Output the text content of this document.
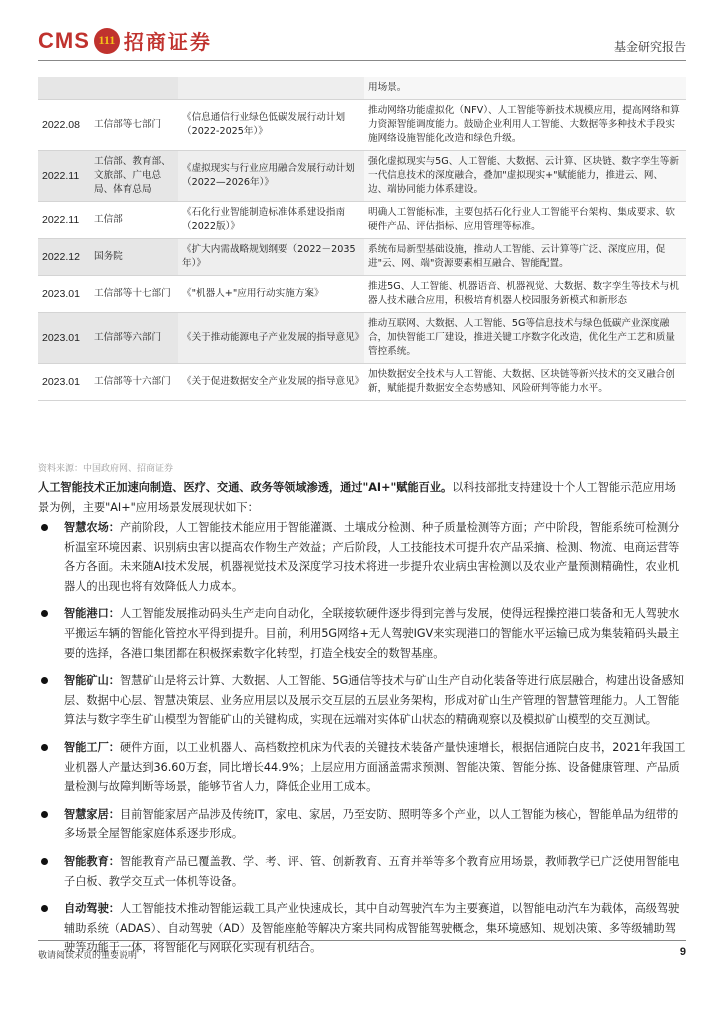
CMS 111 招商证券	基金研究报告
			用场景。
2022.08	工信部等七部门	《信息通信行业绿色低碳发展行动计划（2022-2025年）》	推动网络功能虚拟化（NFV）、人工智能等新技术规模应用，提高网络和算力资源智能调度能力。鼓励企业利用人工智能、大数据等多种技术手段实施网络设施智能化改造和绿色升级。
2022.11	工信部、教育部、文旅部、广电总局、体育总局	《虚拟现实与行业应用融合发展行动计划（2022—2026年）》	强化虚拟现实与5G、人工智能、大数据、云计算、区块链、数字孪生等新一代信息技术的深度融合，叠加"虚拟现实+"赋能能力，推进云、网、边、端协同能力体系建设。
2022.11	工信部	《石化行业智能制造标准体系建设指南（2022版）》	明确人工智能标准，主要包括石化行业人工智能平台架构、集成要求、软硬件产品、评估指标、应用管理等标准。
2022.12	国务院	《扩大内需战略规划纲要（2022－2035年）》	系统布局新型基础设施，推动人工智能、云计算等广泛、深度应用，促进"云、网、端"资源要素相互融合、智能配置。
2023.01	工信部等十七部门	《"机器人+"应用行动实施方案》	推进5G、人工智能、机器语音、机器视觉、大数据、数字孪生等技术与机器人技术融合应用，积极培育机器人校园服务新模式和新形态
2023.01	工信部等六部门	《关于推动能源电子产业发展的指导意见》	推动互联网、大数据、人工智能、5G等信息技术与绿色低碳产业深度融合，加快智能工厂建设，推进关键工序数字化改造，优化生产工艺和质量管控系统。
2023.01	工信部等十六部门	《关于促进数据安全产业发展的指导意见》	加快数据安全技术与人工智能、大数据、区块链等新兴技术的交叉融合创新，赋能提升数据安全态势感知、风险研判等能力水平。
资料来源：中国政府网、招商证券
人工智能技术正加速向制造、医疗、交通、政务等领域渗透，通过"AI+"赋能百业。以科技部批支持建设十个人工智能示范应用场景为例，主要"AI+"应用场景发展现状如下：
智慧农场：产前阶段，人工智能技术能应用于智能灌溉、土壤成分检测、种子质量检测等方面；产中阶段，智能系统可检测分析温室环境因素、识别病虫害以提高农作物生产效益；产后阶段，人工技能技术可提升农产品采摘、检测、物流、电商运营等各方各面。未来随AI技术发展，机器视觉技术及深度学习技术将进一步提升农业病虫害检测以及农业产量预测精确性，农业机器人的出现也将有效降低人力成本。
智能港口：人工智能发展推动码头生产走向自动化，全联接软硬件逐步得到完善与发展，使得远程操控港口装备和无人驾驶水平搬运车辆的智能化管控水平得到提升。目前，利用5G网络+无人驾驶IGV来实现港口的智能水平运输已成为集装箱码头最主要的选择，各港口集团都在积极探索数字化转型，打造全栈安全的数智基座。
智能矿山：智慧矿山是将云计算、大数据、人工智能、5G通信等技术与矿山生产自动化装备等进行底层融合，构建出设备感知层、数据中心层、智慧决策层、业务应用层以及展示交互层的五层业务架构，形成对矿山生产管理的智慧管理能力。人工智能算法与数字孪生矿山模型为智能矿山的关键构成，实现在远端对实体矿山状态的精确观察以及模拟矿山模型的交互测试。
智能工厂：硬件方面，以工业机器人、高档数控机床为代表的关键技术装备产量快速增长，根据信通院白皮书，2021年我国工业机器人产量达到36.60万套，同比增长44.9%；上层应用方面涵盖需求预测、智能决策、智能分拣、设备健康管理、产品质量检测与故障判断等场景，能够节省人力，降低企业用工成本。
智慧家居：目前智能家居产品涉及传统IT，家电、家居，乃至安防、照明等多个产业，以人工智能为核心，智能单品为纽带的多场景全屋智能家庭体系逐步形成。
智能教育：智能教育产品已覆盖教、学、考、评、管、创新教育、五育并举等多个教育应用场景，教师教学已广泛使用智能电子白板、教学交互式一体机等设备。
自动驾驶：人工智能技术推动智能运载工具产业快速成长，其中自动驾驶汽车为主要赛道，以智能电动汽车为载体，高级驾驶辅助系统（ADAS）、自动驾驶（AD）及智能座舱等解决方案共同构成智能驾驶概念，集环境感知、规划决策、多等级辅助驾驶等功能于一体，将智能化与网联化实现有机结合。
敬请阅读末页的重要说明	9
